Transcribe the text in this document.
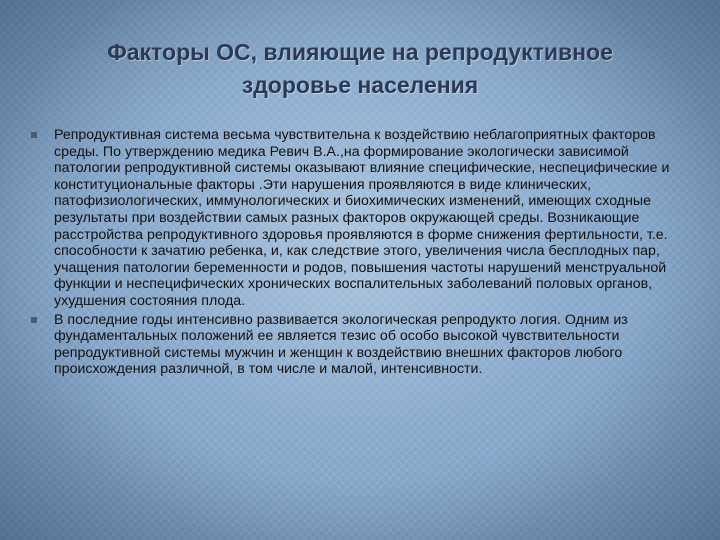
Факторы ОС, влияющие на репродуктивное
здоровье населения
Репродуктивная система весьма чувствительна к воздействию неблагоприятных факторов среды. По утверждению медика Ревич В.А.,на формирование экологически зависимой патологии репродуктивной системы оказывают влияние специфические, неспецифические и конституциональные факторы .Эти нарушения проявляются в виде клинических, патофизиологических, иммунологических и биохимических изменений, имеющих сходные результаты при воздействии самых разных факторов окружающей среды. Возникающие расстройства репродуктивного здоровья проявляются в форме снижения фертильности, т.е. способности к зачатию ребенка, и, как следствие этого, увеличения числа бесплодных пар, учащения патологии беременности и родов, повышения частоты нарушений менструальной функции и неспецифических хронических воспалительных заболеваний половых органов, ухудшения состояния плода.
В последние годы интенсивно развивается экологическая репродукто логия. Одним из фундаментальных положений ее является тезис об особо высокой чувствительности репродуктивной системы мужчин и женщин к воздействию внешних факторов любого происхождения различной, в том числе и малой, интенсивности.
